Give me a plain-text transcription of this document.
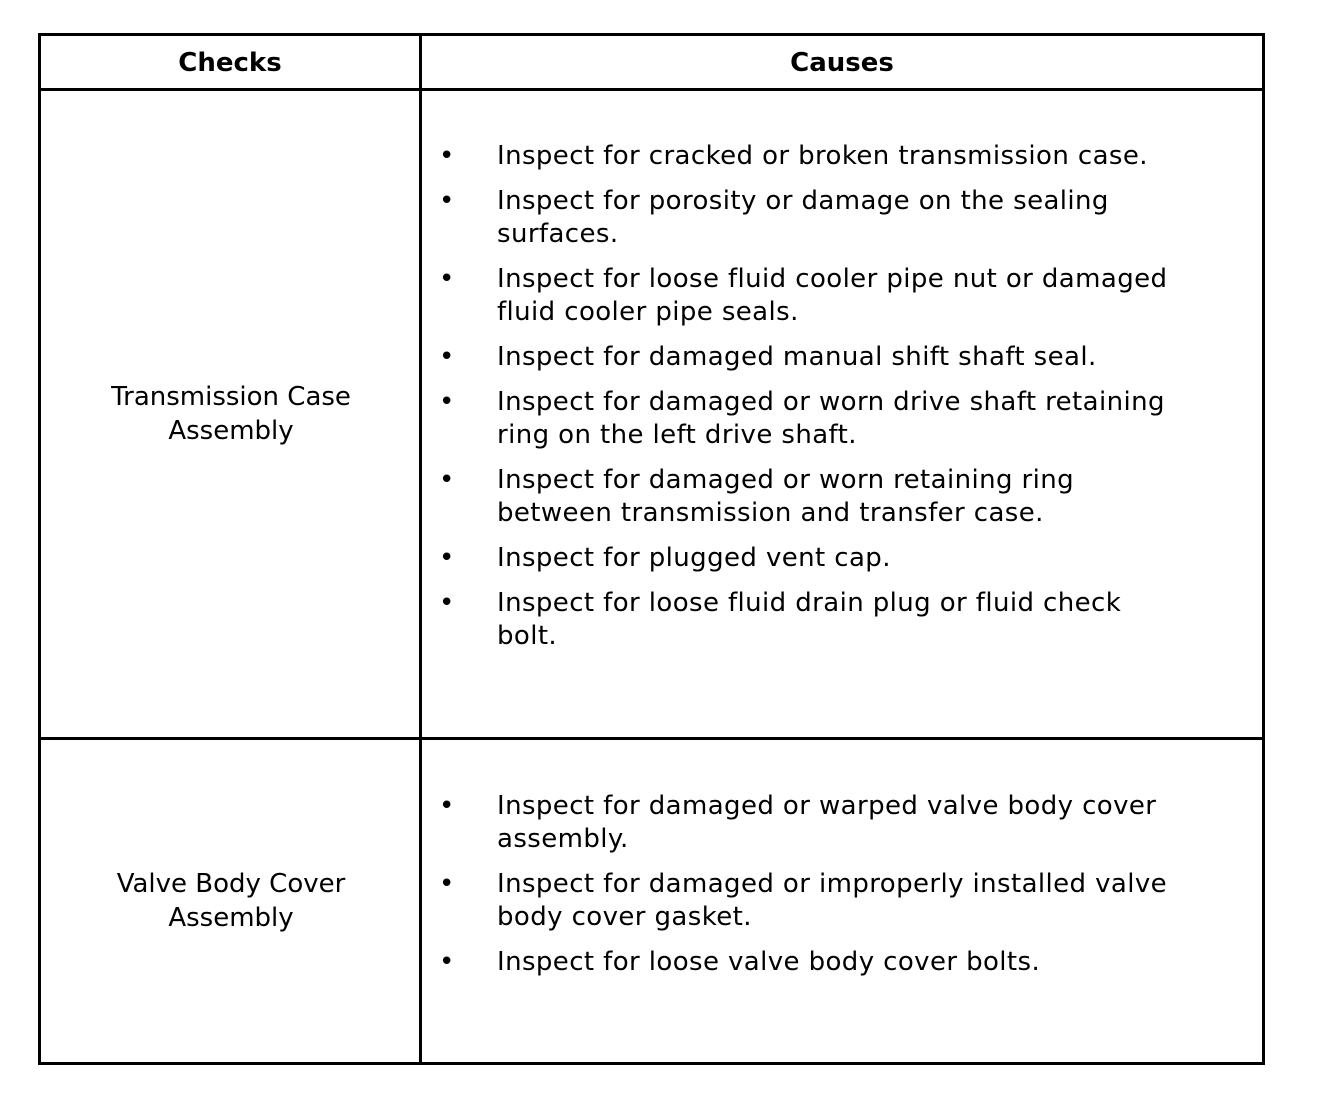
Checks	Causes
Transmission Case Assembly
• Inspect for cracked or broken transmission case.
• Inspect for porosity or damage on the sealing surfaces.
• Inspect for loose fluid cooler pipe nut or damaged fluid cooler pipe seals.
• Inspect for damaged manual shift shaft seal.
• Inspect for damaged or worn drive shaft retaining ring on the left drive shaft.
• Inspect for damaged or worn retaining ring between transmission and transfer case.
• Inspect for plugged vent cap.
• Inspect for loose fluid drain plug or fluid check bolt.
Valve Body Cover Assembly
• Inspect for damaged or warped valve body cover assembly.
• Inspect for damaged or improperly installed valve body cover gasket.
• Inspect for loose valve body cover bolts.
